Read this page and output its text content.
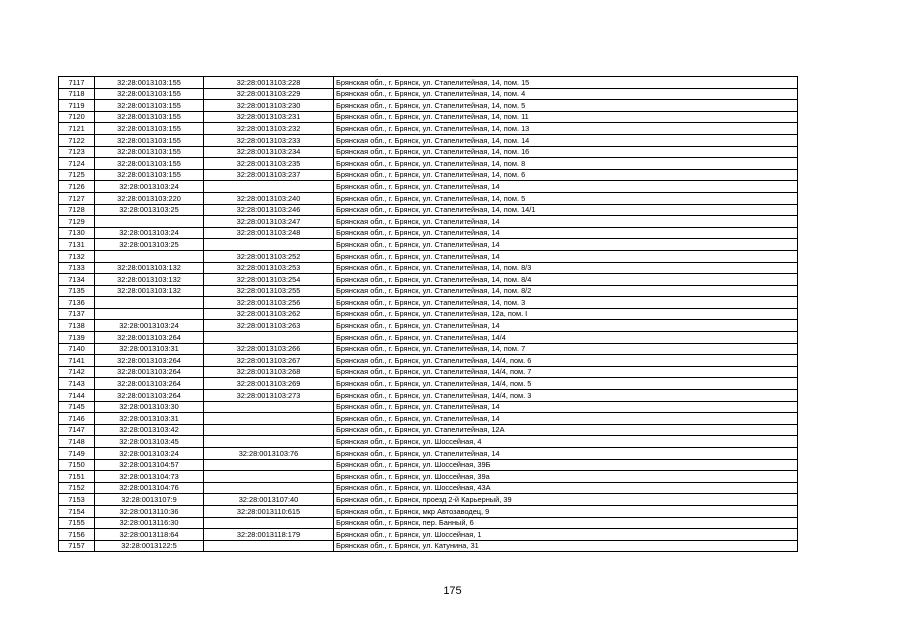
7117	32:28:0013103:155	32:28:0013103:228	Брянская обл., г. Брянск, ул. Стапелитейная, 14, пом. 15
7118	32:28:0013103:155	32:28:0013103:229	Брянская обл., г. Брянск, ул. Стапелитейная, 14, пом. 4
7119	32:28:0013103:155	32:28:0013103:230	Брянская обл., г. Брянск, ул. Стапелитейная, 14, пом. 5
7120	32:28:0013103:155	32:28:0013103:231	Брянская обл., г. Брянск, ул. Стапелитейная, 14, пом. 11
7121	32:28:0013103:155	32:28:0013103:232	Брянская обл., г. Брянск, ул. Стапелитейная, 14, пом. 13
7122	32:28:0013103:155	32:28:0013103:233	Брянская обл., г. Брянск, ул. Стапелитейная, 14, пом. 14
7123	32:28:0013103:155	32:28:0013103:234	Брянская обл., г. Брянск, ул. Стапелитейная, 14, пом. 16
7124	32:28:0013103:155	32:28:0013103:235	Брянская обл., г. Брянск, ул. Стапелитейная, 14, пом. 8
7125	32:28:0013103:155	32:28:0013103:237	Брянская обл., г. Брянск, ул. Стапелитейная, 14, пом. 6
7126	32:28:0013103:24		Брянская обл., г. Брянск, ул. Стапелитейная, 14
7127	32:28:0013103:220	32:28:0013103:240	Брянская обл., г. Брянск, ул. Стапелитейная, 14, пом. 5
7128	32:28:0013103:25	32:28:0013103:246	Брянская обл., г. Брянск, ул. Стапелитейная, 14, пом. 14/1
7129		32:28:0013103:247	Брянская обл., г. Брянск, ул. Стапелитейная, 14
7130	32:28:0013103:24	32:28:0013103:248	Брянская обл., г. Брянск, ул. Стапелитейная, 14
7131	32:28:0013103:25		Брянская обл., г. Брянск, ул. Стапелитейная, 14
7132		32:28:0013103:252	Брянская обл., г. Брянск, ул. Стапелитейная, 14
7133	32:28:0013103:132	32:28:0013103:253	Брянская обл., г. Брянск, ул. Стапелитейная, 14, пом. 8/3
7134	32:28:0013103:132	32:28:0013103:254	Брянская обл., г. Брянск, ул. Стапелитейная, 14, пом. 8/4
7135	32:28:0013103:132	32:28:0013103:255	Брянская обл., г. Брянск, ул. Стапелитейная, 14, пом. 8/2
7136		32:28:0013103:256	Брянская обл., г. Брянск, ул. Стапелитейная, 14, пом. 3
7137		32:28:0013103:262	Брянская обл., г. Брянск, ул. Стапелитейная, 12а, пом. I
7138	32:28:0013103:24	32:28:0013103:263	Брянская обл., г. Брянск, ул. Стапелитейная, 14
7139	32:28:0013103:264		Брянская обл., г. Брянск, ул. Стапелитейная, 14/4
7140	32:28:0013103:31	32:28:0013103:266	Брянская обл., г. Брянск, ул. Стапелитейная, 14, пом. 7
7141	32:28:0013103:264	32:28:0013103:267	Брянская обл., г. Брянск, ул. Стапелитейная, 14/4, пом. 6
7142	32:28:0013103:264	32:28:0013103:268	Брянская обл., г. Брянск, ул. Стапелитейная, 14/4, пом. 7
7143	32:28:0013103:264	32:28:0013103:269	Брянская обл., г. Брянск, ул. Стапелитейная, 14/4, пом. 5
7144	32:28:0013103:264	32:28:0013103:273	Брянская обл., г. Брянск, ул. Стапелитейная, 14/4, пом. 3
7145	32:28:0013103:30		Брянская обл., г. Брянск, ул. Стапелитейная, 14
7146	32:28:0013103:31		Брянская обл., г. Брянск, ул. Стапелитейная, 14
7147	32:28:0013103:42		Брянская обл., г. Брянск, ул. Стапелитейная, 12А
7148	32:28:0013103:45		Брянская обл., г. Брянск, ул. Шоссейная, 4
7149	32:28:0013103:24	32:28:0013103:76	Брянская обл., г. Брянск, ул. Стапелитейная, 14
7150	32:28:0013104:57		Брянская обл., г. Брянск, ул. Шоссейная, 39Б
7151	32:28:0013104:73		Брянская обл., г. Брянск, ул. Шоссейная, 39а
7152	32:28:0013104:76		Брянская обл., г. Брянск, ул. Шоссейная, 43А
7153	32:28:0013107:9	32:28:0013107:40	Брянская обл., г. Брянск, проезд 2-й Карьерный, 39
7154	32:28:0013110:36	32:28:0013110:615	Брянская обл., г. Брянск, мкр Автозаводец, 9
7155	32:28:0013116:30		Брянская обл., г. Брянск, пер. Банный, 6
7156	32:28:0013118:64	32:28:0013118:179	Брянская обл., г. Брянск, ул. Шоссейная, 1
7157	32:28:0013122:5		Брянская обл., г. Брянск, ул. Катунина, 31
175
